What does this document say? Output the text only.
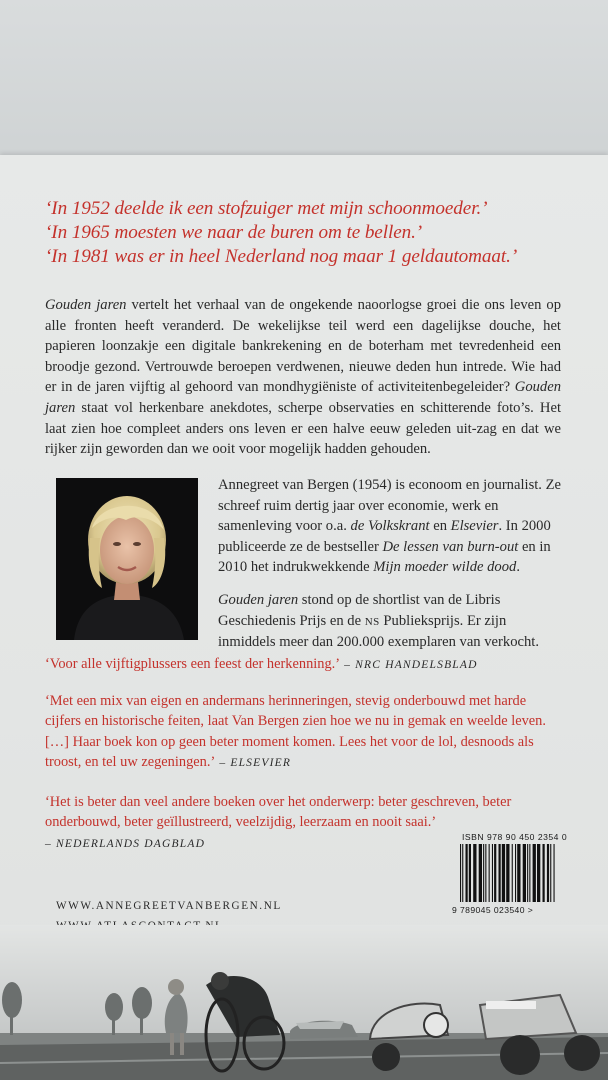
‘In 1952 deelde ik een stofzuiger met mijn schoonmoeder.’
‘In 1965 moesten we naar de buren om te bellen.’
‘In 1981 was er in heel Nederland nog maar 1 geldautomaat.’
Gouden jaren vertelt het verhaal van de ongekende naoorlogse groei die ons leven op alle fronten heeft veranderd. De wekelijkse teil werd een dagelijkse douche, het papieren loonzakje een digitale bankrekening en de boterham met tevredenheid een broodje gezond. Vertrouwde beroepen verdwenen, nieuwe deden hun intrede. Wie had er in de jaren vijftig al gehoord van mondhygiëniste of activiteitenbegeleider? Gouden jaren staat vol herkenbare anekdotes, scherpe observaties en schitterende foto’s. Het laat zien hoe compleet anders ons leven er een halve eeuw geleden uit-zag en dat we rijker zijn geworden dan we ooit voor mogelijk hadden gehouden.

Annegreet van Bergen (1954) is econoom en journalist. Ze schreef ruim dertig jaar over economie, werk en samenleving voor o.a. de Volkskrant en Elsevier. In 2000 publiceerde ze de bestseller De lessen van burn-out en in 2010 het indrukwekkende Mijn moeder wilde dood.

Gouden jaren stond op de shortlist van de Libris Geschiedenis Prijs en de NS Publieksprijs. Er zijn inmiddels meer dan 200.000 exemplaren van verkocht.

‘Voor alle vijftigplussers een feest der herkenning.’ – NRC HANDELSBLAD
‘Met een mix van eigen en andermans herinneringen, stevig onderbouwd met harde cijfers en historische feiten, laat Van Bergen zien hoe we nu in gemak en weelde leven. […] Haar boek kon op geen beter moment komen. Lees het voor de lol, desnoods als troost, en tel uw zegeningen.’ – ELSEVIER
‘Het is beter dan veel andere boeken over het onderwerp: beter geschreven, beter onderbouwd, beter geïllustreerd, veelzijdig, leerzaam en nooit saai.’
– NEDERLANDS DAGBLAD
WWW.ANNEGREETVANBERGEN.NL
ISBN 978 90 450 2354 0
9 789045 023540 >
